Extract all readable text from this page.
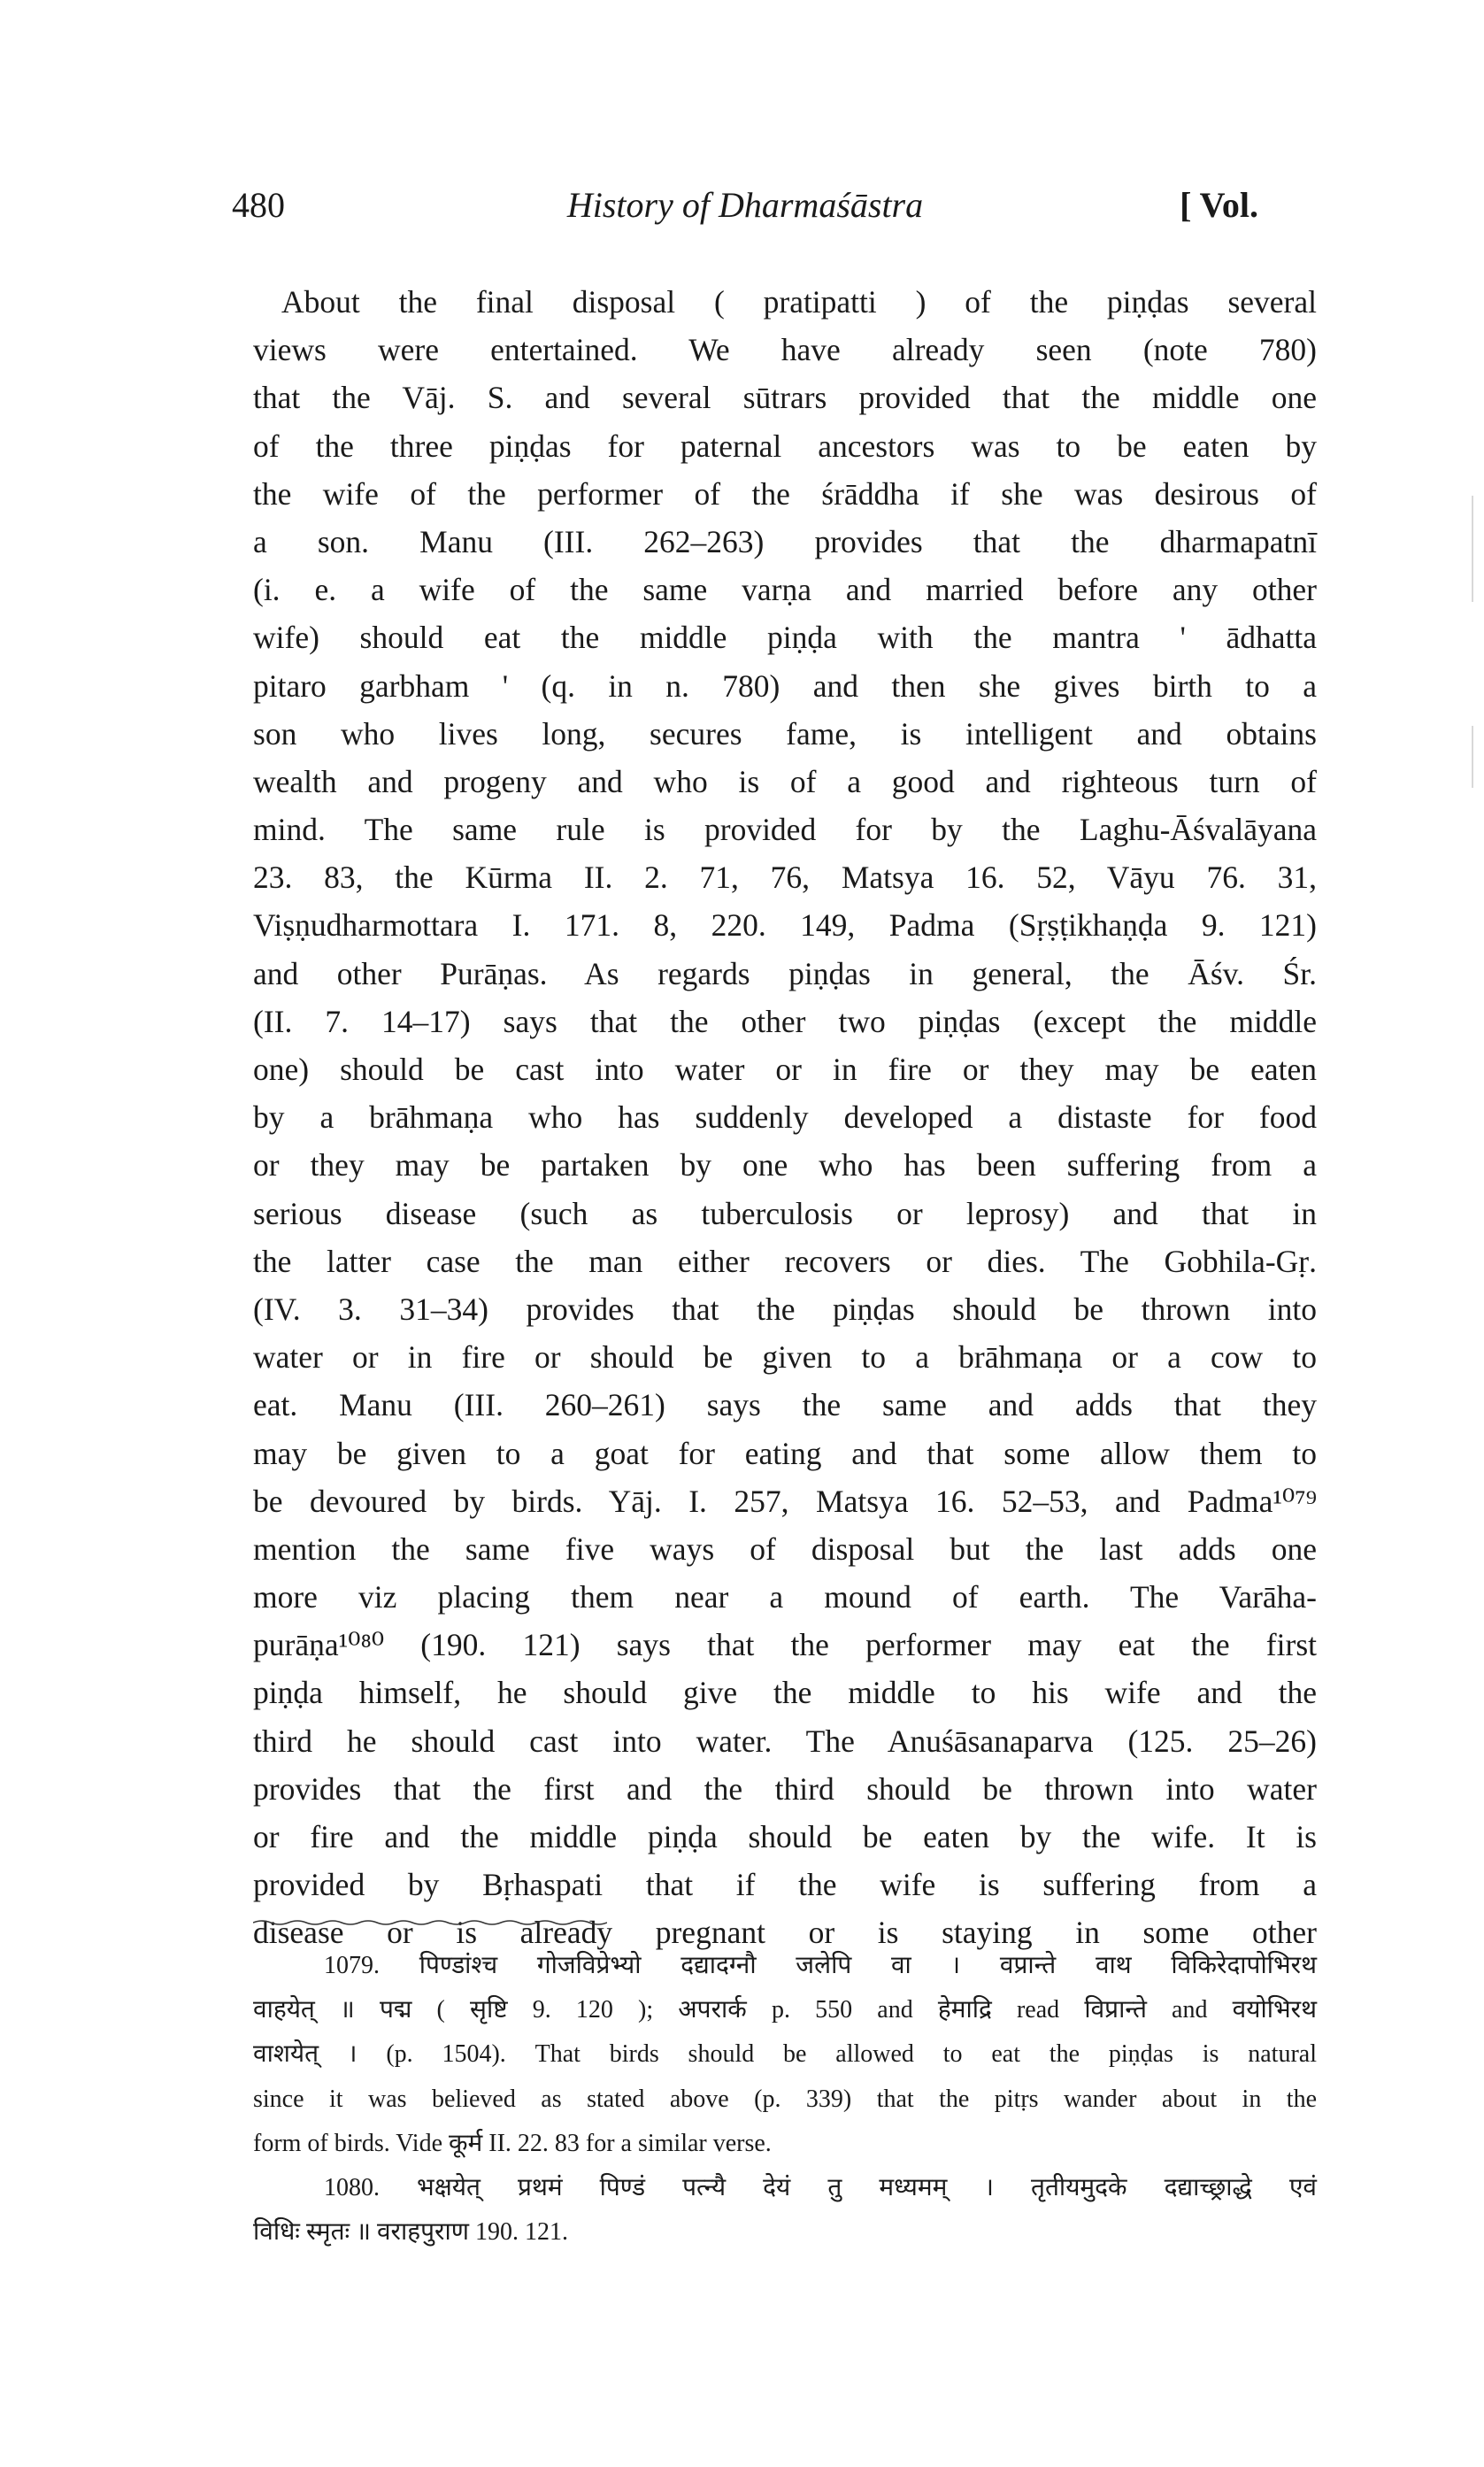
480	History of Dharmaśāstra	[ Vol.
About the final disposal ( pratipatti ) of the piṇḍas several
views were entertained. We have already seen (note 780)
that the Vāj. S. and several sūtrars provided that the middle one
of the three piṇḍas for paternal ancestors was to be eaten by
the wife of the performer of the śrāddha if she was desirous of
a son. Manu (III. 262–263) provides that the dharmapatnī
(i. e. a wife of the same varṇa and married before any other
wife) should eat the middle piṇḍa with the mantra ' ādhatta
pitaro garbham ' (q. in n. 780) and then she gives birth to a
son who lives long, secures fame, is intelligent and obtains
wealth and progeny and who is of a good and righteous turn of
mind. The same rule is provided for by the Laghu-Āśvalāyana
23. 83, the Kūrma II. 2. 71, 76, Matsya 16. 52, Vāyu 76. 31,
Viṣṇudharmottara I. 171. 8, 220. 149, Padma (Sṛṣṭikhaṇḍa 9. 121)
and other Purāṇas. As regards piṇḍas in general, the Āśv. Śr.
(II. 7. 14–17) says that the other two piṇḍas (except the middle
one) should be cast into water or in fire or they may be eaten
by a brāhmaṇa who has suddenly developed a distaste for food
or they may be partaken by one who has been suffering from a
serious disease (such as tuberculosis or leprosy) and that in
the latter case the man either recovers or dies. The Gobhila-Gṛ.
(IV. 3. 31–34) provides that the piṇḍas should be thrown into
water or in fire or should be given to a brāhmaṇa or a cow to
eat. Manu (III. 260–261) says the same and adds that they
may be given to a goat for eating and that some allow them to
be devoured by birds. Yāj. I. 257, Matsya 16. 52–53, and Padma¹⁰⁷⁹
mention the same five ways of disposal but the last adds one
more viz placing them near a mound of earth. The Varāha-
purāṇa¹⁰⁸⁰ (190. 121) says that the performer may eat the first
piṇḍa himself, he should give the middle to his wife and the
third he should cast into water. The Anuśāsanaparva (125. 25–26)
provides that the first and the third should be thrown into water
or fire and the middle piṇḍa should be eaten by the wife. It is
provided by Bṛhaspati that if the wife is suffering from a
disease or is already pregnant or is staying in some other
1079. पिण्डांश्च गोजविप्रेभ्यो दद्यादग्नौ जलेपि वा । वप्रान्ते वाथ विकिरेदापोभिरथ
वाहयेत् ॥ पद्म ( सृष्टि 9. 120 ); अपरार्क p. 550 and हेमाद्रि read विप्रान्ते and वयोभिरथ
वाशयेत् । (p. 1504). That birds should be allowed to eat the piṇḍas is natural
since it was believed as stated above (p. 339) that the pitṛs wander about in the
form of birds. Vide कूर्म II. 22. 83 for a similar verse.
1080. भक्षयेत् प्रथमं पिण्डं पत्न्यै देयं तु मध्यमम् । तृतीयमुदके दद्याच्छ्राद्धे एवं
विधिः स्मृतः ॥ वराहपुराण 190. 121.
